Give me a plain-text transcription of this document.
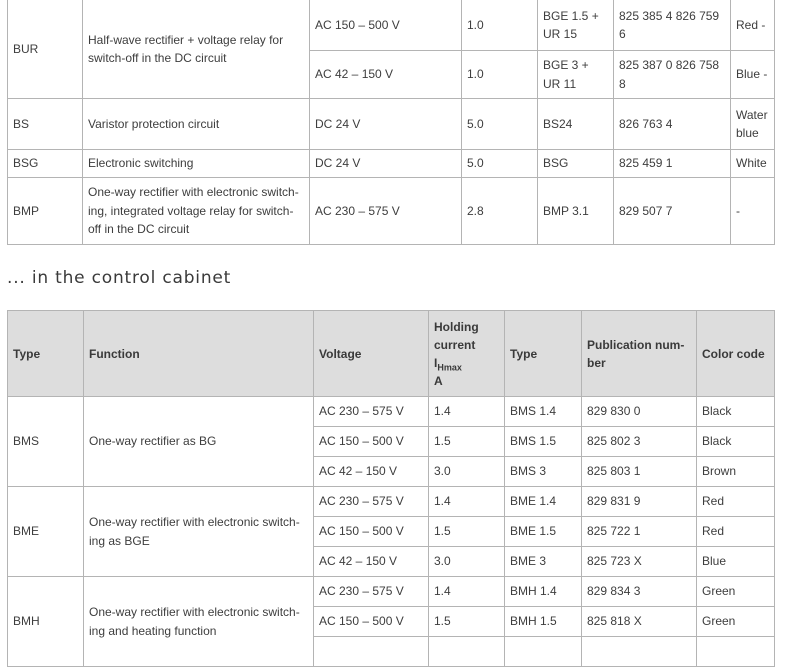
BUR	Half-wave rectifier + voltage relay for switch-off in the DC circuit	AC 150 – 500 V	1.0	BGE 1.5 + UR 15	825 385 4 826 759 6	Red -
		AC 42 – 150 V	1.0	BGE 3 + UR 11	825 387 0 826 758 8	Blue -
BS	Varistor protection circuit	DC 24 V	5.0	BS24	826 763 4	Water blue
BSG	Electronic switching	DC 24 V	5.0	BSG	825 459 1	White
BMP	One-way rectifier with electronic switch-ing, integrated voltage relay for switch-off in the DC circuit	AC 230 – 575 V	2.8	BMP 3.1	829 507 7	-
... in the control cabinet
Type	Function	Voltage	Holding
current
$I_{Hmax}$
A	Type	Publication num-ber	Color code
BMS	One-way rectifier as BG	AC 230 – 575 V	1.4	BMS 1.4	829 830 0	Black
		AC 150 – 500 V	1.5	BMS 1.5	825 802 3	Black
		AC 42 – 150 V	3.0	BMS 3	825 803 1	Brown
BME	One-way rectifier with electronic switch-ing as BGE	AC 230 – 575 V	1.4	BME 1.4	829 831 9	Red
		AC 150 – 500 V	1.5	BME 1.5	825 722 1	Red
		AC 42 – 150 V	3.0	BME 3	825 723 X	Blue
BMH	One-way rectifier with electronic switch-ing and heating function	AC 230 – 575 V	1.4	BMH 1.4	829 834 3	Green
		AC 150 – 500 V	1.5	BMH 1.5	825 818 X	Green
